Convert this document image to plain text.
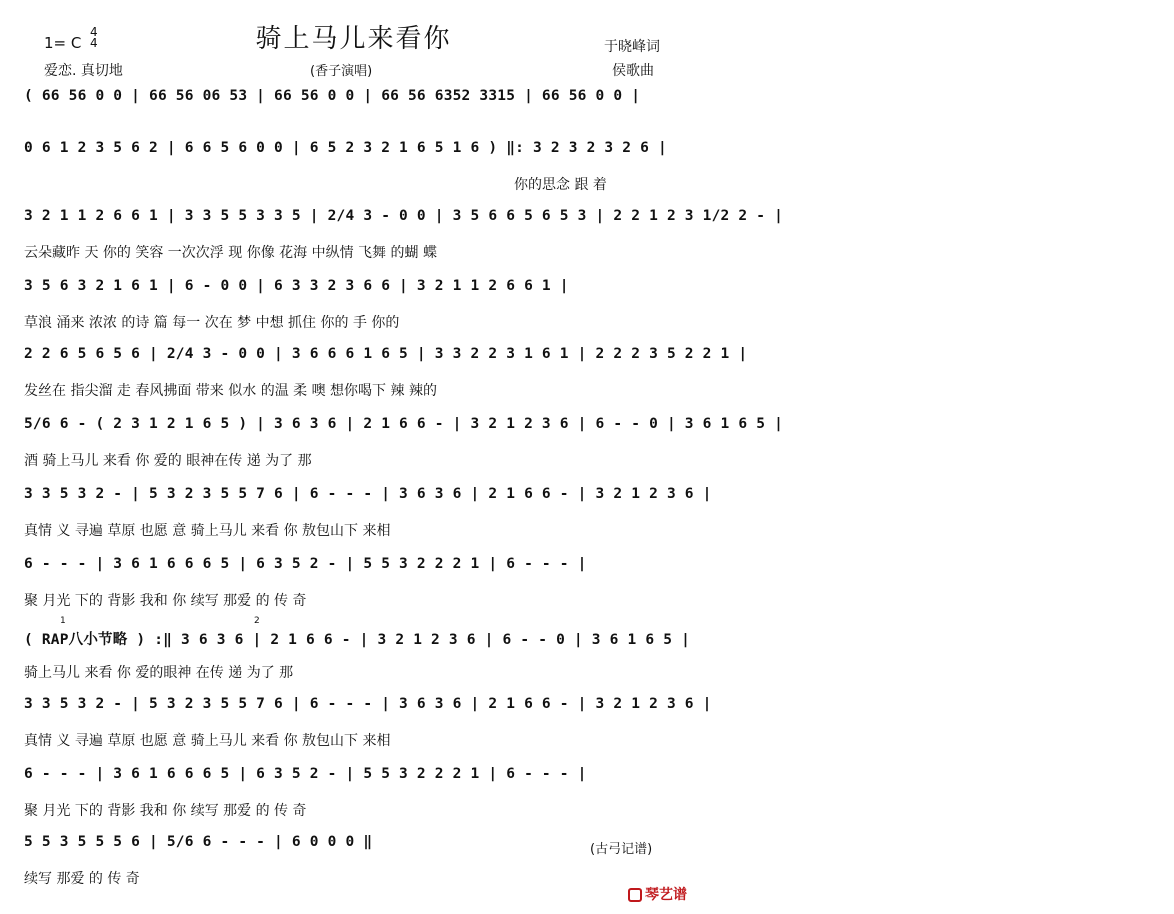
骑上马儿来看你
1= C
4
4
爱恋. 真切地	(香子演唱)
于晓峰词
侯歌曲
( 66 56 0 0 | 66 56 06 53 | 66 56 0 0 | 66 56 6352 3315 | 66 56 0 0 |
0 6 1 2 3 5 6 2 | 6 6 5 6 0 0 | 6 5 2 3 2 1 6 5 1 6 ) ‖: 3 2 3 2 3 2 6 |
你的思念 跟 着
3 2 1 1 2 6 6 1 | 3 3 5 5 3 3 5 | 2/4 3 - 0 0 | 3 5 6 6 5 6 5 3 | 2 2 1 2 3 1/2 2 - |
云朵藏昨 天 你的 笑容 一次次浮 现 你像 花海 中纵情 飞舞 的蝴 蝶
3 5 6 3 2 1 6 1 | 6 - 0 0 | 6 3 3 2 3 6 6 | 3 2 1 1 2 6 6 1 |
草浪 涌来 浓浓 的诗 篇 每一 次在 梦 中想 抓住 你的 手 你的
2 2 6 5 6 5 6 | 2/4 3 - 0 0 | 3 6 6 6 1 6 5 | 3 3 2 2 3 1 6 1 | 2 2 2 3 5 2 2 1 |
发丝在 指尖溜 走 春风拂面 带来 似水 的温 柔 噢 想你喝下 辣 辣的
5/6 6 - ( 2 3 1 2 1 6 5 ) | 3 6 3 6 | 2 1 6 6 - | 3 2 1 2 3 6 | 6 - - 0 | 3 6 1 6 5 |
酒 骑上马儿 来看 你 爱的 眼神在传 递 为了 那
3 3 5 3 2 - | 5 3 2 3 5 5 7 6 | 6 - - - | 3 6 3 6 | 2 1 6 6 - | 3 2 1 2 3 6 |
真情 义 寻遍 草原 也愿 意 骑上马儿 来看 你 敖包山下 来相
6 - - - | 3 6 1 6 6 6 5 | 6 3 5 2 - | 5 5 3 2 2 2 1 | 6 - - - |
聚 月光 下的 背影 我和 你 续写 那爱 的 传 奇
1	2
( RAP八小节略 ) :‖ 3 6 3 6 | 2 1 6 6 - | 3 2 1 2 3 6 | 6 - - 0 | 3 6 1 6 5 |
骑上马儿 来看 你 爱的眼神 在传 递 为了 那
3 3 5 3 2 - | 5 3 2 3 5 5 7 6 | 6 - - - | 3 6 3 6 | 2 1 6 6 - | 3 2 1 2 3 6 |
真情 义 寻遍 草原 也愿 意 骑上马儿 来看 你 敖包山下 来相
6 - - - | 3 6 1 6 6 6 5 | 6 3 5 2 - | 5 5 3 2 2 2 1 | 6 - - - |
聚 月光 下的 背影 我和 你 续写 那爱 的 传 奇
5 5 3 5 5 5 6 | 5/6 6 - - - | 6 0 0 0 ‖
续写 那爱 的 传 奇
(古弓记谱)
琴艺谱
